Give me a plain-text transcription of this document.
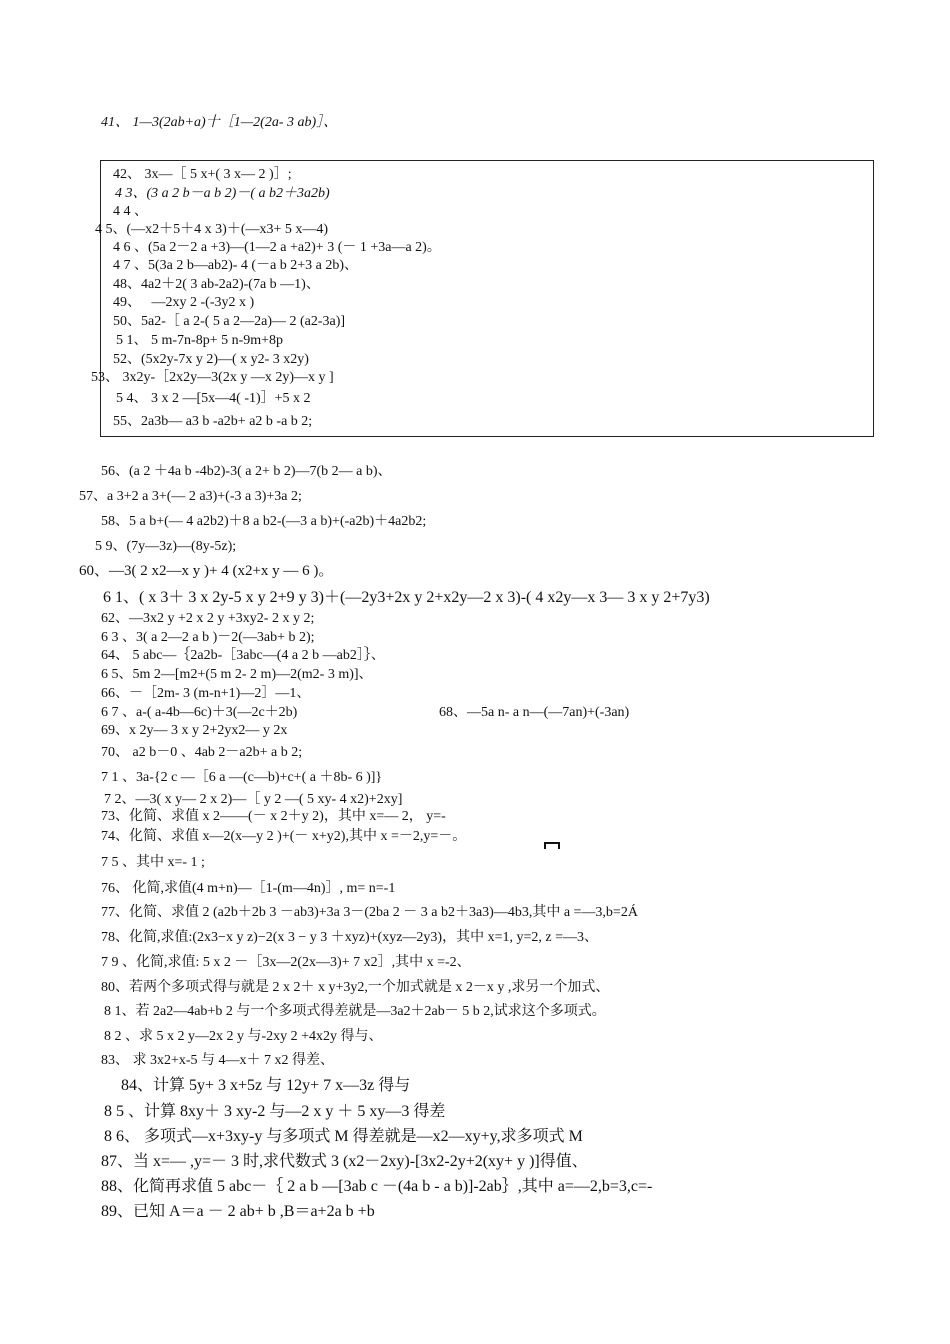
41、 1—3(2ab+a)十［1—2(2a- 3 ab)］、
42、 3x—［ 5 x+( 3 x— 2 )］;
4 3、(3 a 2 b－a b 2)－( a b2＋3a2b)
4 4 、
4 5、(—x2＋5＋4 x 3)＋(—x3+ 5 x—4)
4 6 、(5a 2－2 a +3)—(1—2 a +a2)+ 3 (－ 1 +3a—a 2)。
4 7 、5(3a 2 b—ab2)- 4 (－a b 2+3 a 2b)、
48、4a2＋2( 3 ab-2a2)-(7a b —1)、
49、　 —2xy 2 -(-3y2 x )
50、5a2-［ a 2-( 5 a 2—2a)— 2 (a2-3a)]
5 1、 5 m-7n-8p+ 5 n-9m+8p
52、(5x2y-7x y 2)—( x y2- 3 x2y)
53、 3x2y-［2x2y—3(2x y —x 2y)—x y ]
5 4、 3 x 2 —[5x—4( -1)］+5 x 2
55、2a3b— a3 b -a2b+ a2 b -a b 2;
56、(a 2 ＋4a b -4b2)-3( a 2+ b 2)—7(b 2— a b)、
57、a 3+2 a 3+(— 2 a3)+(-3 a 3)+3a 2;
58、5 a b+(— 4 a2b2)＋8 a b2-(—3 a b)+(-a2b)＋4a2b2;
5 9、(7y—3z)—(8y-5z);
60、—3( 2 x2—x y )+ 4 (x2+x y — 6 )。
6 1、( x 3＋ 3 x 2y-5 x y 2+9 y 3)＋(—2y3+2x y 2+x2y—2 x 3)-( 4 x2y—x 3— 3 x y 2+7y3)
62、—3x2 y +2 x 2 y +3xy2- 2 x y 2;
6 3 、3( a 2—2 a b )－2(—3ab+ b 2);
64、 5 abc—｛2a2b-［3abc—(4 a 2 b —ab2］｝、
6 5、5m 2—[m2+(5 m 2- 2 m)—2(m2- 3 m)]、
66、－［2m- 3 (m-n+1)—2］—1、
6 7 、a-( a-4b—6c)＋3(—2c＋2b)	68、—5a n- a n—(—7an)+(-3an)
69、x 2y— 3 x y 2+2yx2— y 2x
70、 a2 b－0 、4ab 2－a2b+ a b 2;
7 1 、3a-{2 c —［6 a —(c—b)+c+( a ＋8b- 6 )]}
7 2、—3( x y— 2 x 2)—［ y 2 —( 5 xy- 4 x2)+2xy]
73、化简、求值 x 2——(－ x 2＋y 2)，其中 x=— 2， y=-
74、化简、求值 x—2(x—y 2 )+(－ x+y2),其中 x =－2,y=－。
7 5 、其中 x=- 1 ;
76、 化简,求值(4 m+n)—［1-(m—4n)］, m= n=-1
77、化简、求值 2 (a2b＋2b 3 －ab3)+3a 3－(2ba 2 － 3 a b2＋3a3)—4b3,其中 a =—3,b=2Á
78、化简,求值:(2x3−x y z)−2(x 3 − y 3 ＋xyz)+(xyz—2y3)，其中 x=1, y=2, z =—3、
7 9 、化简,求值: 5 x 2 －［3x—2(2x—3)+ 7 x2］,其中 x =-2、
80、若两个多项式得与就是 2 x 2＋ x y+3y2,一个加式就是 x 2－x y ,求另一个加式、
8 1、若 2a2—4ab+b 2 与一个多项式得差就是—3a2＋2ab－ 5 b 2,试求这个多项式。
8 2 、求 5 x 2 y—2x 2 y 与-2xy 2 +4x2y 得与、
83、 求 3x2+x-5 与 4—x＋ 7 x2 得差、
84、计算 5y+ 3 x+5z 与 12y+ 7 x—3z 得与
8 5 、计算 8xy＋ 3 xy-2 与—2 x y ＋ 5 xy—3 得差
8 6、 多项式—x+3xy-y 与多项式 M 得差就是—x2—xy+y,求多项式 M
87、当 x=— ,y=－ 3 时,求代数式 3 (x2－2xy)-[3x2-2y+2(xy+ y )]得值、
88、化简再求值 5 abc－｛ 2 a b —[3ab c －(4a b - a b)]-2ab｝,其中 a=—2,b=3,c=-
89、已知 A＝a － 2 ab+ b ,B＝a+2a b +b
